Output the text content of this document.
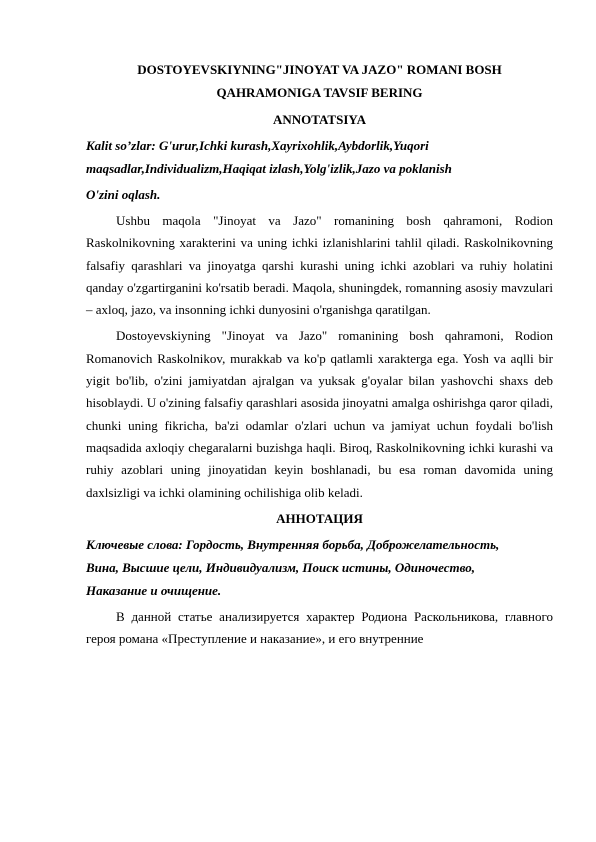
DOSTOYEVSKIYNING"JINOYAT VA JAZO" ROMANI BOSH
QAHRAMONIGA TAVSIF BERING

ANNOTATSIYA

Kalit so’zlar: G'urur,Ichki kurash,Xayrixohlik,Aybdorlik,Yuqori
maqsadlar,Individualizm,Haqiqat izlash,Yolg'izlik,Jazo va poklanish
O'zini oqlash.

Ushbu maqola "Jinoyat va Jazo" romanining bosh qahramoni, Rodion Raskolnikovning xarakterini va uning ichki izlanishlarini tahlil qiladi. Raskolnikovning falsafiy qarashlari va jinoyatga qarshi kurashi uning ichki azoblari va ruhiy holatini qanday o'zgartirganini ko'rsatib beradi. Maqola, shuningdek, romanning asosiy mavzulari – axloq, jazo, va insonning ichki dunyosini o'rganishga qaratilgan.

Dostoyevskiyning "Jinoyat va Jazo" romanining bosh qahramoni, Rodion Romanovich Raskolnikov, murakkab va ko'p qatlamli xarakterga ega. Yosh va aqlli bir yigit bo'lib, o'zini jamiyatdan ajralgan va yuksak g'oyalar bilan yashovchi shaxs deb hisoblaydi. U o'zining falsafiy qarashlari asosida jinoyatni amalga oshirishga qaror qiladi, chunki uning fikricha, ba'zi odamlar o'zlari uchun va jamiyat uchun foydali bo'lish maqsadida axloqiy chegaralarni buzishga haqli. Biroq, Raskolnikovning ichki kurashi va ruhiy azoblari uning jinoyatidan keyin boshlanadi, bu esa roman davomida uning daxlsizligi va ichki olamining ochilishiga olib keladi.

АННОТАЦИЯ

Ключевые слова: Гордость, Внутренняя борьба, Доброжелательность,
Вина, Высшие цели, Индивидуализм, Поиск истины, Одиночество,
Наказание и очищение.

В данной статье анализируется характер Родиона Раскольникова, главного героя романа «Преступление и наказание», и его внутренние
